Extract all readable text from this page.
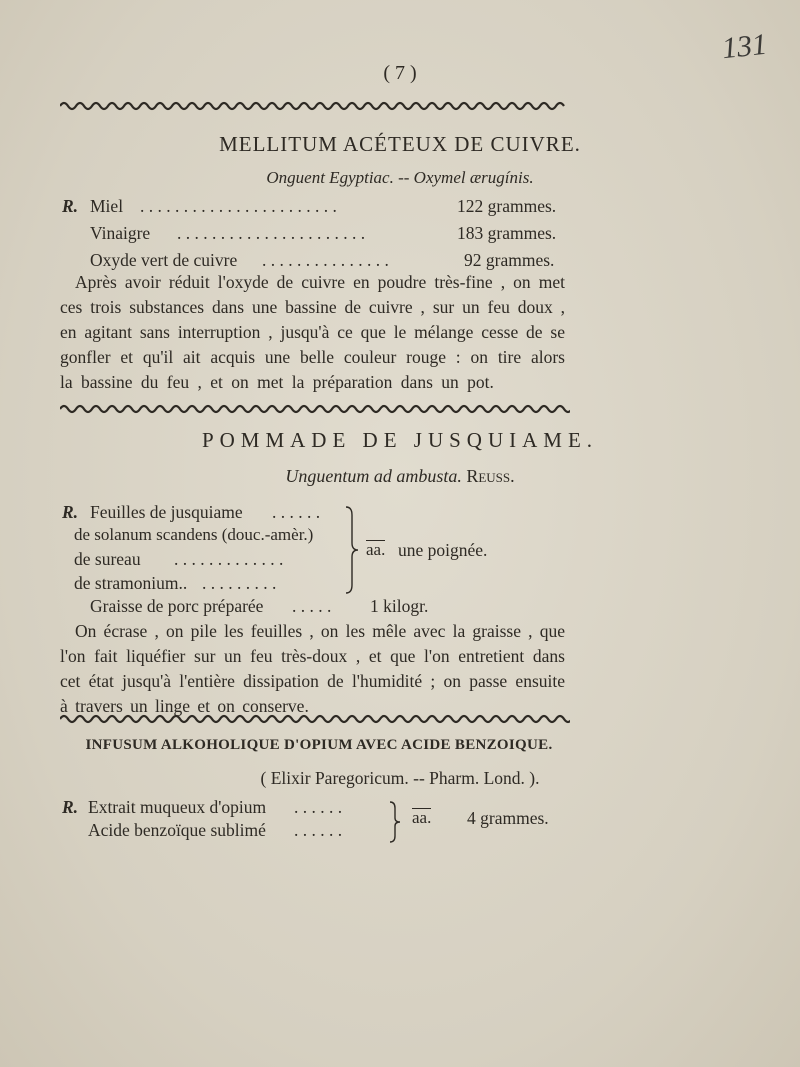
131
( 7 )
MELLITUM ACÉTEUX DE CUIVRE.
Onguent Egyptiac. -- Oxymel ærugínis.
R. Miel . . . . . . . . . . . . . . . . . . . . . . .	122 grammes.
Vinaigre . . . . . . . . . . . . . . . . . . . . . .	183 grammes.
Oxyde vert de cuivre . . . . . . . . . . . . . . .	92 grammes.
Après avoir réduit l'oxyde de cuivre en poudre très-fine , on met
ces trois substances dans une bassine de cuivre , sur un feu doux ,
en agitant sans interruption , jusqu'à ce que le mélange cesse de se
gonfler et qu'il ait acquis une belle couleur rouge : on tire alors
la bassine du feu , et on met la préparation dans un pot.
POMMADE DE JUSQUIAME.
Unguentum ad ambusta. Reuss.
R. Feuilles de jusquiame . . . . . .
de solanum scandens (douc.-amèr.)
de sureau . . . . . . . . . . . . .
de stramonium.. . . . . . . . . .
aa. une poignée.
Graisse de porc préparée . . . . . 1 kilogr.
On écrase , on pile les feuilles , on les mêle avec la graisse , que
l'on fait liquéfier sur un feu très-doux , et que l'on entretient dans
cet état jusqu'à l'entière dissipation de l'humidité ; on passe ensuite
à travers un linge et on conserve.
INFUSUM ALKOHOLIQUE D'OPIUM AVEC ACIDE BENZOIQUE.
( Elixir Paregoricum. -- Pharm. Lond. ).
R. Extrait muqueux d'opium . . . . . .
Acide benzoïque sublimé . . . . . .
aa. 4 grammes.
